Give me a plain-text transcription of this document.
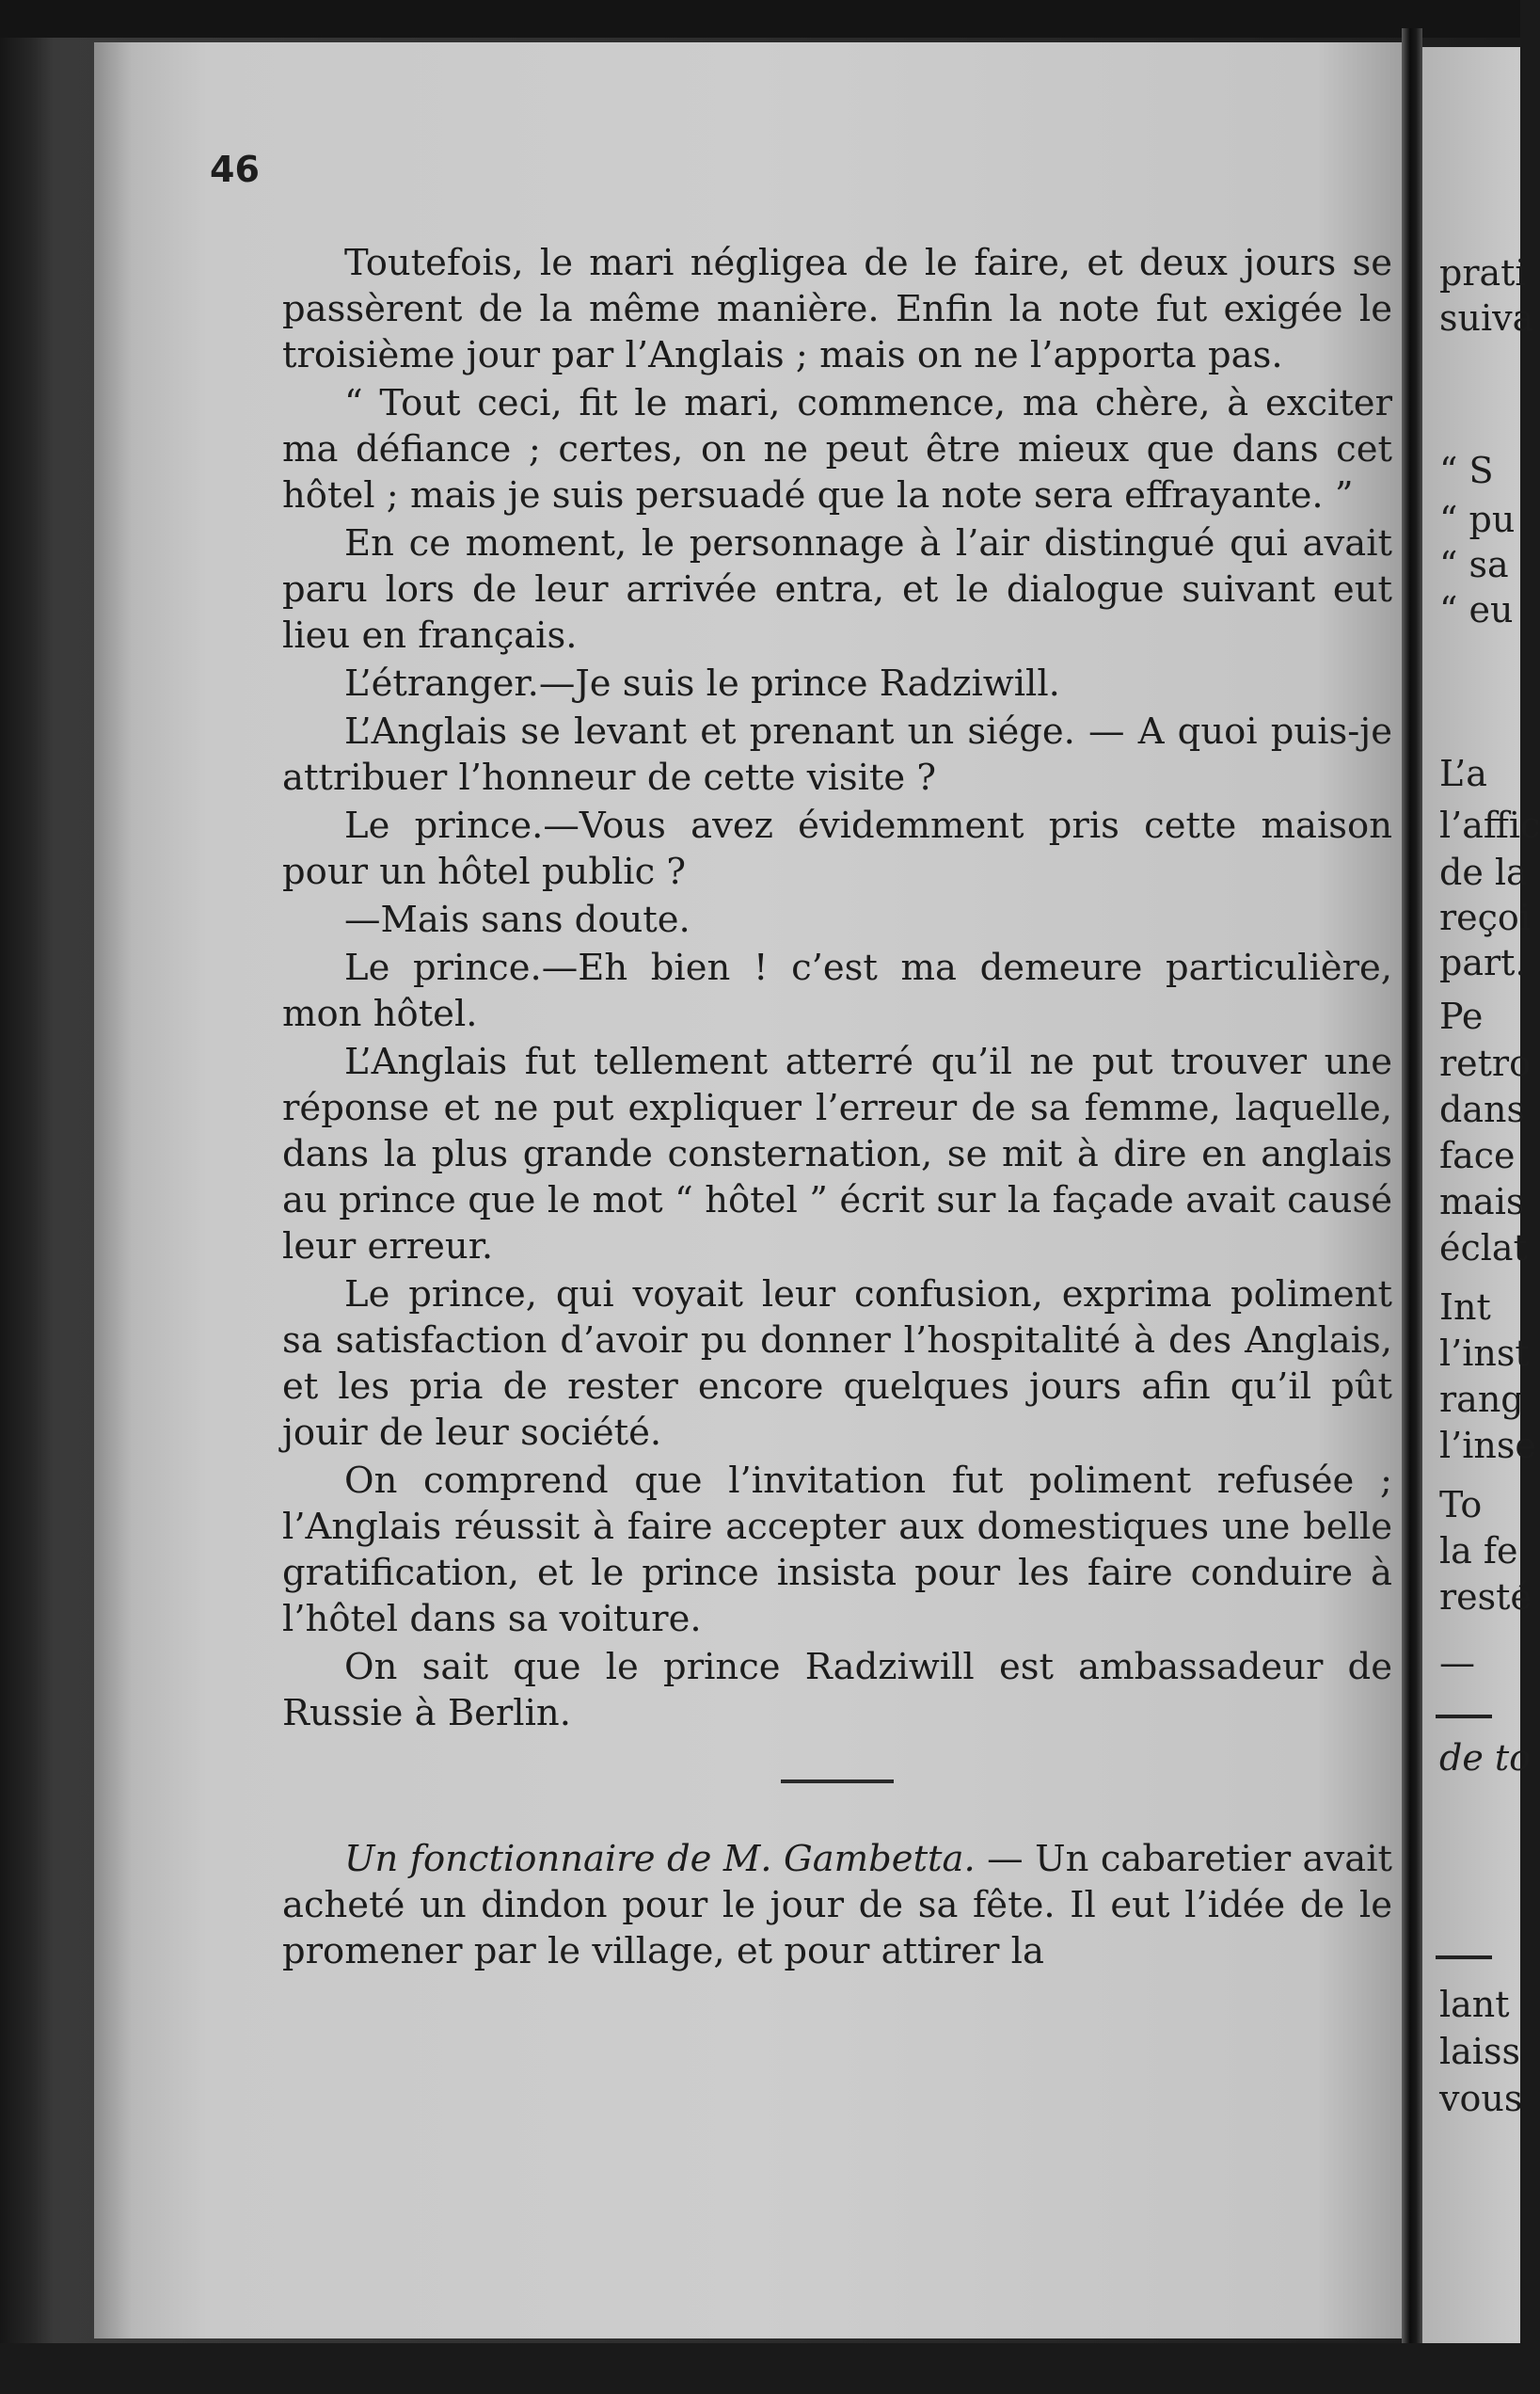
46

Toutefois, le mari négligea de le faire, et deux jours se passèrent de la même manière. Enfin la note fut exigée le troisième jour par l’Anglais ; mais on ne l’apporta pas.

“ Tout ceci, fit le mari, commence, ma chère, à exciter ma défiance ; certes, on ne peut être mieux que dans cet hôtel ; mais je suis persuadé que la note sera effrayante. ”

En ce moment, le personnage à l’air distingué qui avait paru lors de leur arrivée entra, et le dialogue suivant eut lieu en français.

L’étranger.—Je suis le prince Radziwill.

L’Anglais se levant et prenant un siége. — A quoi puis-je attribuer l’honneur de cette visite ?

Le prince.—Vous avez évidemment pris cette maison pour un hôtel public ?

—Mais sans doute.

Le prince.—Eh bien ! c’est ma demeure particulière, mon hôtel.

L’Anglais fut tellement atterré qu’il ne put trouver une réponse et ne put expliquer l’erreur de sa femme, laquelle, dans la plus grande consternation, se mit à dire en anglais au prince que le mot “ hôtel ” écrit sur la façade avait causé leur erreur.

Le prince, qui voyait leur confusion, exprima poliment sa satisfaction d’avoir pu donner l’hospitalité à des Anglais, et les pria de rester encore quelques jours afin qu’il pût jouir de leur société.

On comprend que l’invitation fut poliment refusée ; l’Anglais réussit à faire accepter aux domestiques une belle gratification, et le prince insista pour les faire conduire à l’hôtel dans sa voiture.

On sait que le prince Radziwill est ambassadeur de Russie à Berlin.

Un fonctionnaire de M. Gambetta. — Un cabaretier avait acheté un dindon pour le jour de sa fête. Il eut l’idée de le promener par le village, et pour attirer la

prati
suiva
“ S
“ pu
“ sa
“ eu
L’a
l’affic
de la
reçoi
part.
Pe
retro
dans
face
mais
éclat
Int
l’inst
rang
l’inse
To
la fe
resté
—
de to
lant
laiss
vous
